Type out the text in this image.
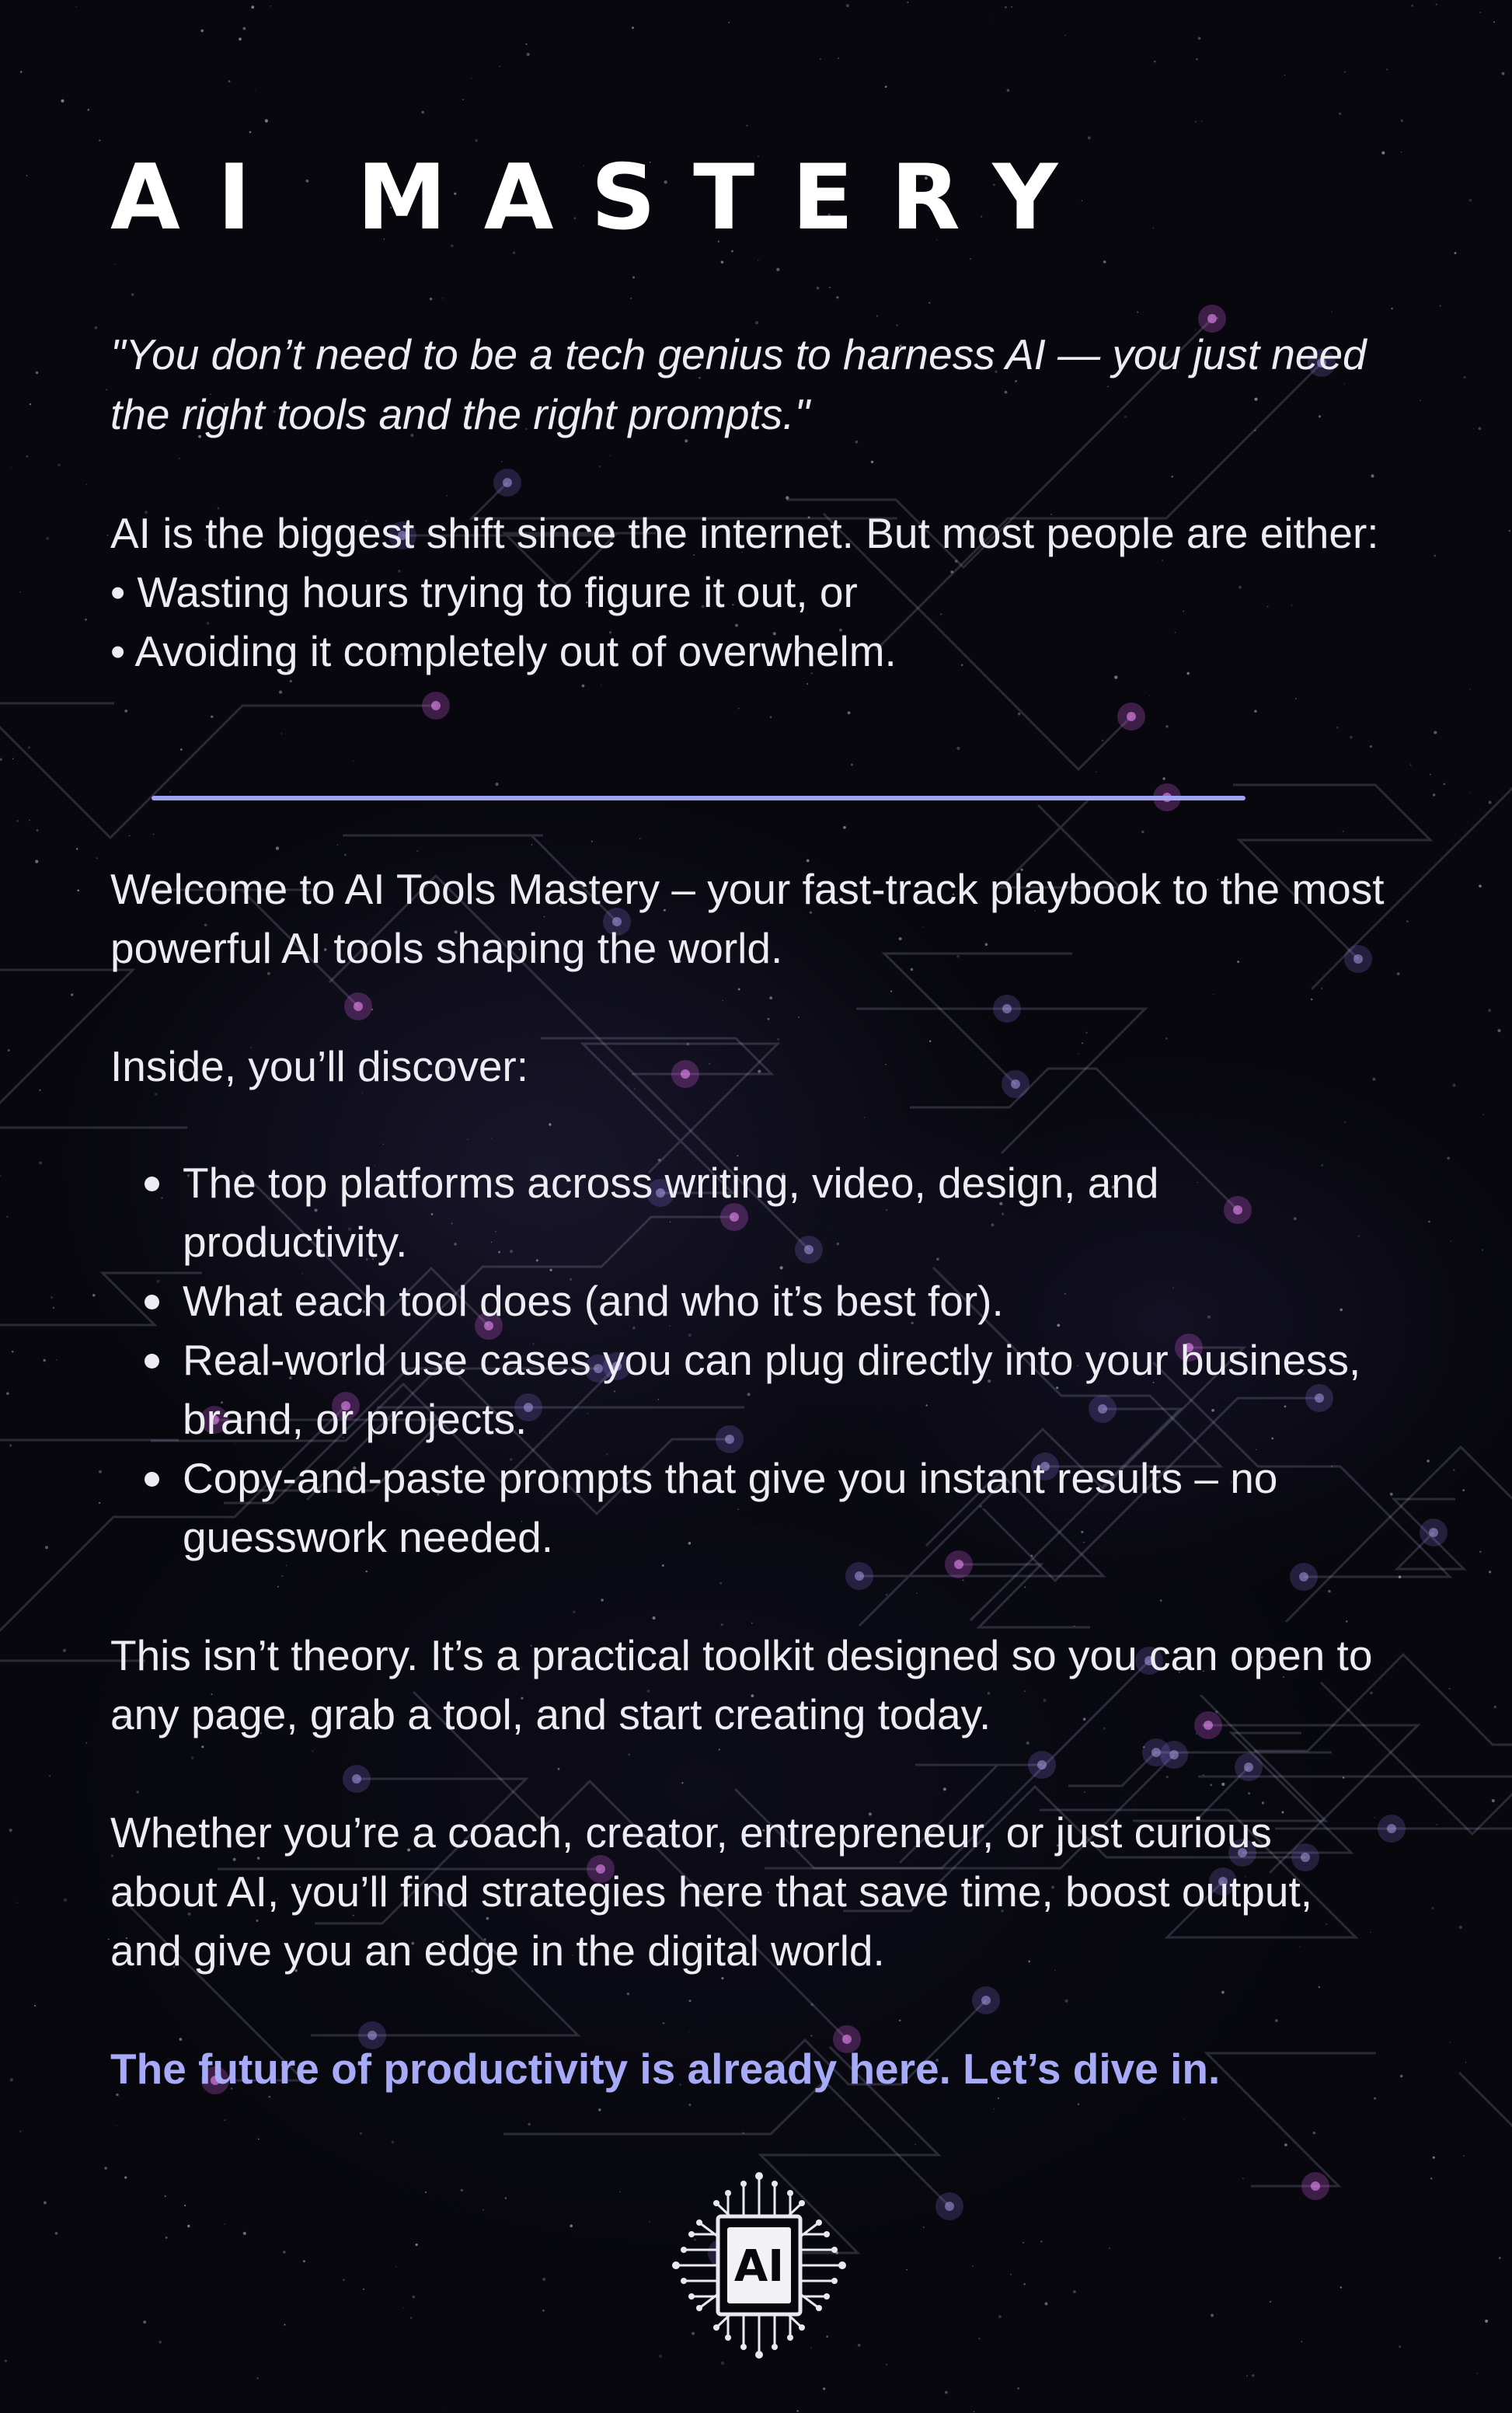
AI MASTERY

"You don’t need to be a tech genius to harness AI — you just need the right tools and the right prompts."

AI is the biggest shift since the internet. But most people are either:
• Wasting hours trying to figure it out, or
• Avoiding it completely out of overwhelm.

Welcome to AI Tools Mastery – your fast-track playbook to the most powerful AI tools shaping the world.

Inside, you’ll discover:

The top platforms across writing, video, design, and productivity.
What each tool does (and who it’s best for).
Real-world use cases you can plug directly into your business, brand, or projects.
Copy-and-paste prompts that give you instant results – no guesswork needed.

This isn’t theory. It’s a practical toolkit designed so you can open to any page, grab a tool, and start creating today.

Whether you’re a coach, creator, entrepreneur, or just curious about AI, you’ll find strategies here that save time, boost output, and give you an edge in the digital world.

The future of productivity is already here. Let’s dive in.

AI
